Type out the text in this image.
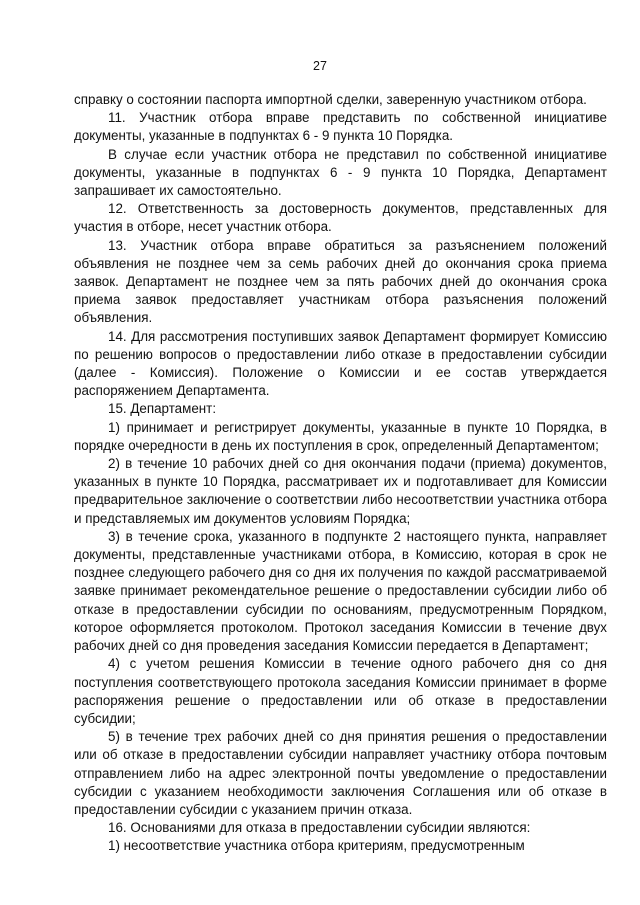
27

справку о состоянии паспорта импортной сделки, заверенную участником отбора.

11. Участник отбора вправе представить по собственной инициативе документы, указанные в подпунктах 6 - 9 пункта 10 Порядка.

В случае если участник отбора не представил по собственной инициативе документы, указанные в подпунктах 6 - 9 пункта 10 Порядка, Департамент запрашивает их самостоятельно.

12. Ответственность за достоверность документов, представленных для участия в отборе, несет участник отбора.

13. Участник отбора вправе обратиться за разъяснением положений объявления не позднее чем за семь рабочих дней до окончания срока приема заявок. Департамент не позднее чем за пять рабочих дней до окончания срока приема заявок предоставляет участникам отбора разъяснения положений объявления.

14. Для рассмотрения поступивших заявок Департамент формирует Комиссию по решению вопросов о предоставлении либо отказе в предоставлении субсидии (далее - Комиссия). Положение о Комиссии и ее состав утверждается распоряжением Департамента.

15. Департамент:

1) принимает и регистрирует документы, указанные в пункте 10 Порядка, в порядке очередности в день их поступления в срок, определенный Департаментом;

2) в течение 10 рабочих дней со дня окончания подачи (приема) документов, указанных в пункте 10 Порядка, рассматривает их и подготавливает для Комиссии предварительное заключение о соответствии либо несоответствии участника отбора и представляемых им документов условиям Порядка;

3) в течение срока, указанного в подпункте 2 настоящего пункта, направляет документы, представленные участниками отбора, в Комиссию, которая в срок не позднее следующего рабочего дня со дня их получения по каждой рассматриваемой заявке принимает рекомендательное решение о предоставлении субсидии либо об отказе в предоставлении субсидии по основаниям, предусмотренным Порядком, которое оформляется протоколом. Протокол заседания Комиссии в течение двух рабочих дней со дня проведения заседания Комиссии передается в Департамент;

4) с учетом решения Комиссии в течение одного рабочего дня со дня поступления соответствующего протокола заседания Комиссии принимает в форме распоряжения решение о предоставлении или об отказе в предоставлении субсидии;

5) в течение трех рабочих дней со дня принятия решения о предоставлении или об отказе в предоставлении субсидии направляет участнику отбора почтовым отправлением либо на адрес электронной почты уведомление о предоставлении субсидии с указанием необходимости заключения Соглашения или об отказе в предоставлении субсидии с указанием причин отказа.

16. Основаниями для отказа в предоставлении субсидии являются:

1) несоответствие участника отбора критериям, предусмотренным
